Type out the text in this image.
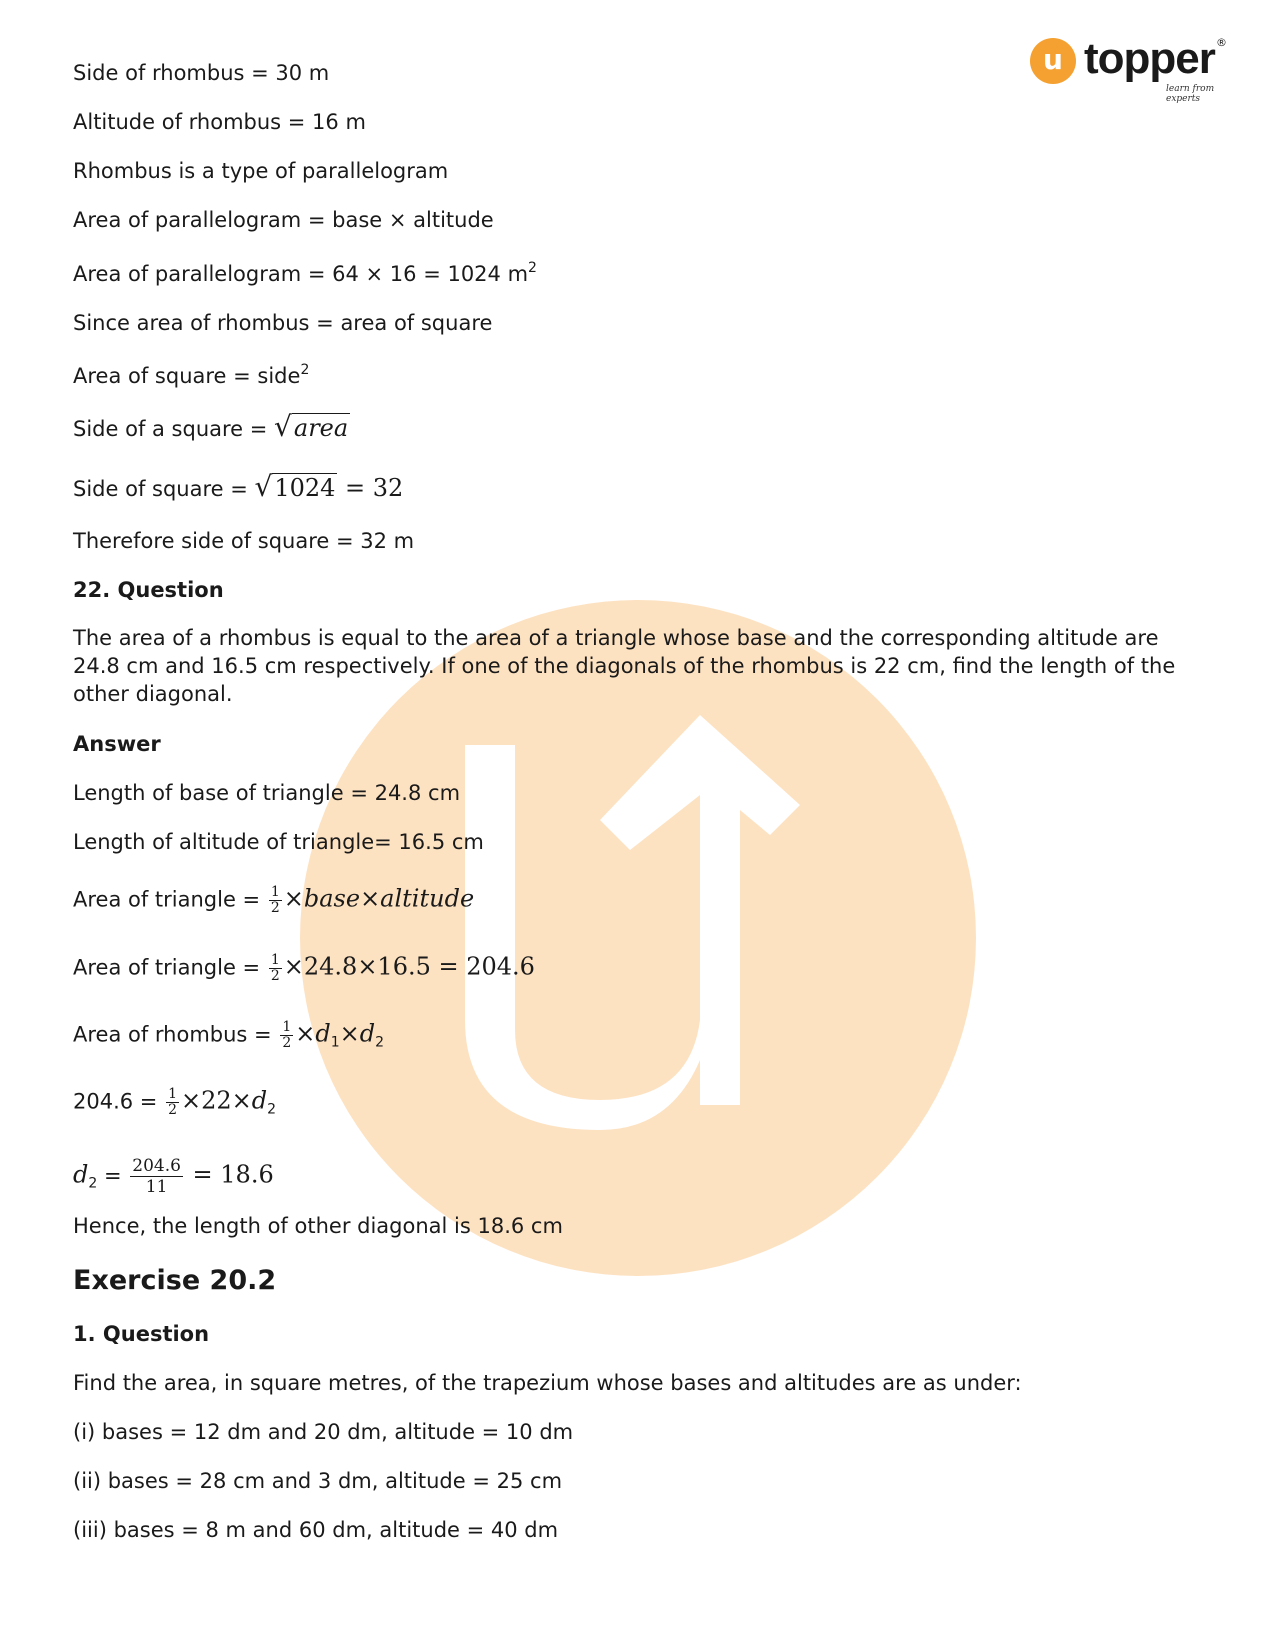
u topper ®
learn from experts
Side of rhombus = 30 m
Altitude of rhombus = 16 m
Rhombus is a type of parallelogram
Area of parallelogram = base × altitude
Area of parallelogram = 64 × 16 = 1024 $m^2$
Since area of rhombus = area of square
Area of square = side$^2$
Side of a square = √area
Side of square = √1024 = 32
Therefore side of square = 32 m
22. Question
The area of a rhombus is equal to the area of a triangle whose base and the corresponding altitude are 24.8 cm and 16.5 cm respectively. If one of the diagonals of the rhombus is 22 cm, find the length of the other diagonal.
Answer
Length of base of triangle = 24.8 cm
Length of altitude of triangle= 16.5 cm
Area of triangle = $\frac{1}{2}$ ×base×altitude
Area of triangle = $\frac{1}{2} \times 24.8\times 16.5 = 204.6$
Area of rhombus = $\frac{1}{2} \times d_1\times d_2$
$204.6 = \frac{1}{2} \times 22\times d_2$
$d_2 = \frac{204.6}{11} = 18.6$
Hence, the length of other diagonal is 18.6 cm
Exercise 20.2
1. Question
Find the area, in square metres, of the trapezium whose bases and altitudes are as under:
(i) bases = 12 dm and 20 dm, altitude = 10 dm
(ii) bases = 28 cm and 3 dm, altitude = 25 cm
(iii) bases = 8 m and 60 dm, altitude = 40 dm
